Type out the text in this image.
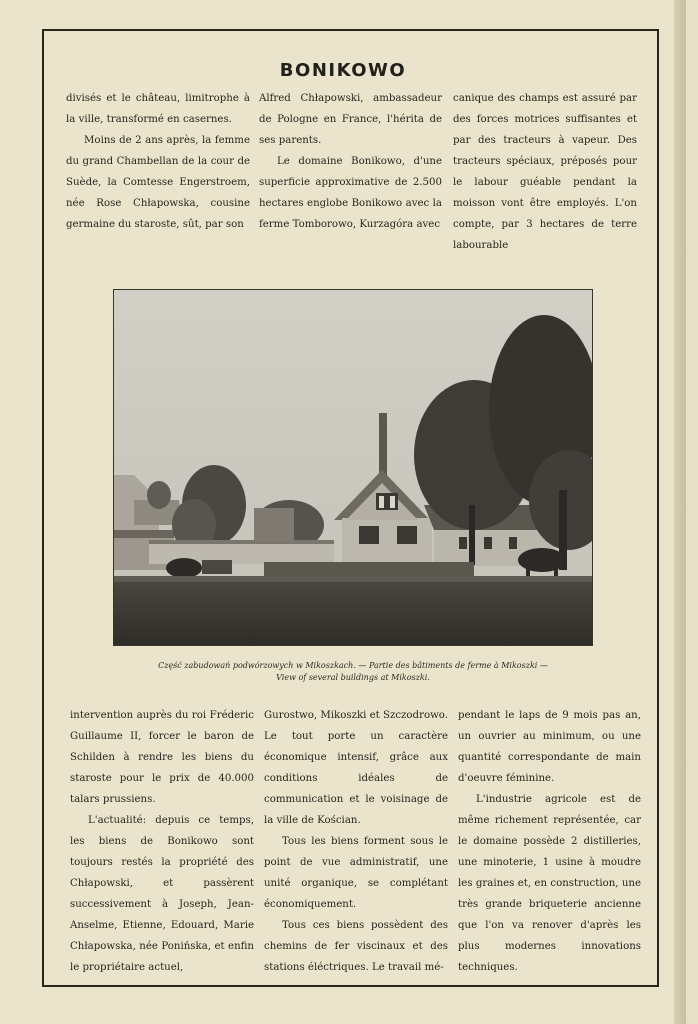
BONIKOWO

divisés et le château, limitrophe à la ville, transformé en casernes.

Moins de 2 ans après, la femme du grand Chambellan de la cour de Suède, la Comtesse Engerstroem, née Rose Chłapowska, cousine germaine du staroste, sût, par son

Alfred Chłapowski, ambassadeur de Pologne en France, l'hérita de ses parents.

Le domaine Bonikowo, d'une superficie approximative de 2.500 hectares englobe Bonikowo avec la ferme Tomborowo, Kurzagóra avec

canique des champs est assuré par des forces motrices suffisantes et par des tracteurs à vapeur. Des tracteurs spéciaux, préposés pour le labour guéable pendant la moisson vont être employés. L'on compte, par 3 hectares de terre labourable

Część zabudowań podwórzowych w Mikoszkach. — Partie des bâtiments de ferme à Mikoszki —
View of several buildings at Mikoszki.

intervention auprès du roi Fréderic Guillaume II, forcer le baron de Schilden à rendre les biens du staroste pour le prix de 40.000 talars prussiens.

L'actualité: depuis ce temps, les biens de Bonikowo sont toujours restés la propriété des Chłapowski, et passèrent successivement à Joseph, Jean-Anselme, Etienne, Edouard, Marie Chłapowska, née Ponińska, et enfin le propriétaire actuel,

Gurostwo, Mikoszki et Szczodrowo. Le tout porte un caractère économique intensif, grâce aux conditions idéales de communication et le voisinage de la ville de Kościan.

Tous les biens forment sous le point de vue administratif, une unité organique, se complétant économiquement.

Tous ces biens possèdent des chemins de fer viscinaux et des stations éléctriques. Le travail mé-

pendant le laps de 9 mois pas an, un ouvrier au minimum, ou une quantité correspondante de main d'oeuvre féminine.

L'industrie agricole est de même richement représentée, car le domaine possède 2 distilleries, une minoterie, 1 usine à moudre les graines et, en construction, une très grande briqueterie ancienne que l'on va renover d'après les plus modernes innovations techniques.
